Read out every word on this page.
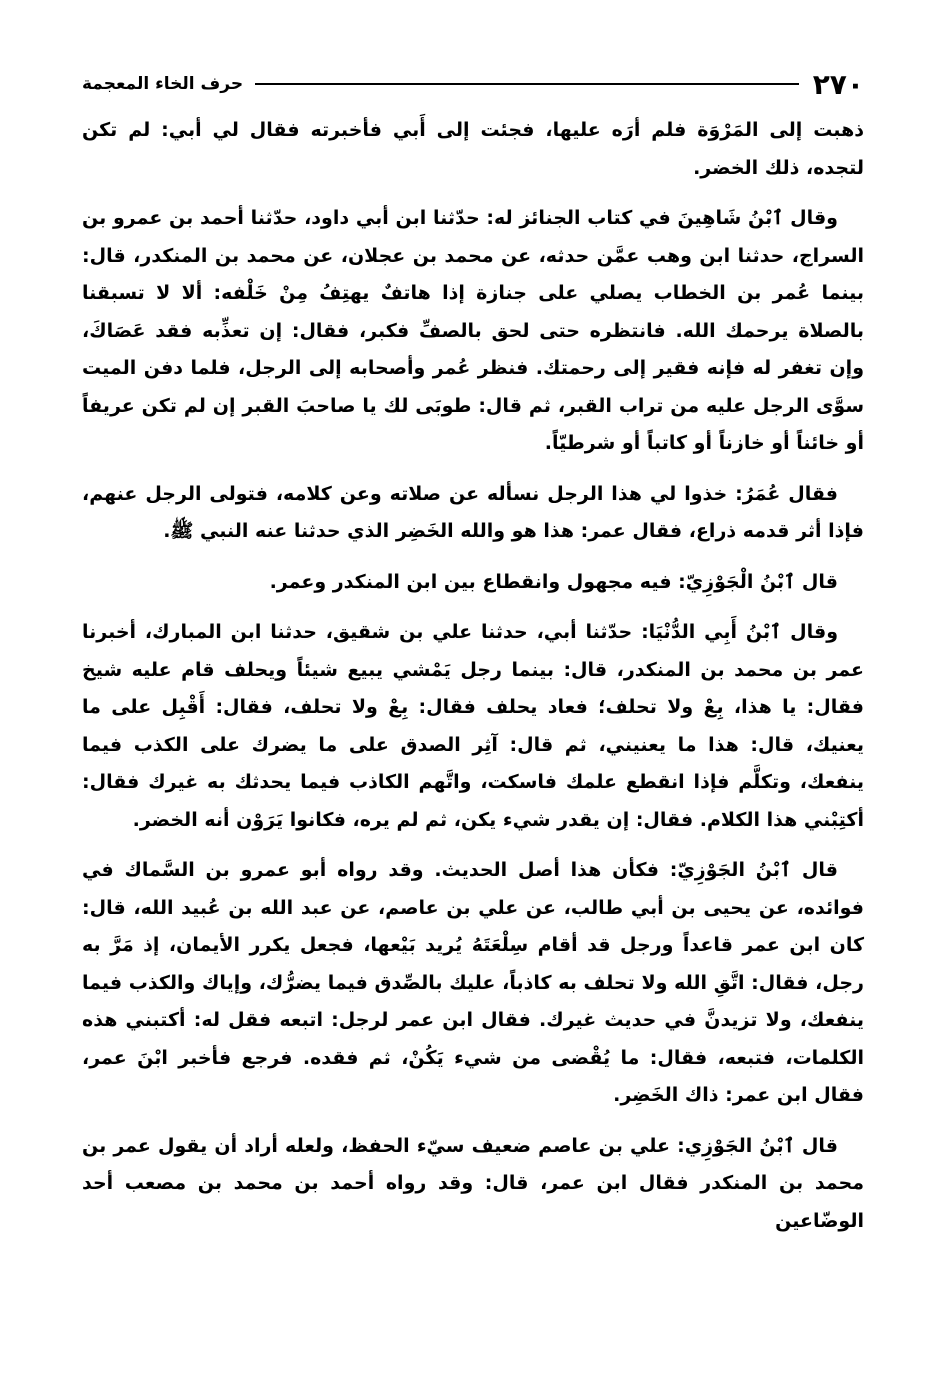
٢٧٠
حرف الخاء المعجمة

ذهبت إلى المَرْوَة فلم أرَه عليها، فجئت إلى أَبي فأخبرته فقال لي أبي: لم تكن لتجده، ذلك الخضر.

وقال ٱبْنُ شَاهِينَ في كتاب الجنائز له: حدّثنا ابن أبي داود، حدّثنا أحمد بن عمرو بن السراج، حدثنا ابن وهب عمَّن حدثه، عن محمد بن عجلان، عن محمد بن المنكدر، قال: بينما عُمر بن الخطاب يصلي على جنازة إذا هاتفٌ يهتِفُ مِنْ خَلْفه: ألا لا تسبقنا بالصلاة يرحمك الله. فانتظره حتى لحق بالصفِّ فكبر، فقال: إن تعذِّبه فقد عَصَاكَ، وإن تغفر له فإنه فقير إلى رحمتك. فنظر عُمر وأصحابه إلى الرجل، فلما دفن الميت سوَّى الرجل عليه من تراب القبر، ثم قال: طوبَى لك يا صاحبَ القبر إن لم تكن عريفاً أو خائناً أو خازناً أو كاتباً أو شرطيّاً.

فقال عُمَرُ: خذوا لي هذا الرجل نسأله عن صلاته وعن كلامه، فتولى الرجل عنهم، فإذا أثر قدمه ذراع، فقال عمر: هذا هو والله الخَضِر الذي حدثنا عنه النبي ﷺ.

قال ٱبْنُ الْجَوْزِيّ: فيه مجهول وانقطاع بين ابن المنكدر وعمر.

وقال ٱبْنُ أَبِي الدُّنْيَا: حدّثنا أبي، حدثنا علي بن شقيق، حدثنا ابن المبارك، أخبرنا عمر بن محمد بن المنكدر، قال: بينما رجل يَمْشي يبيع شيئاً ويحلف قام عليه شيخ فقال: يا هذا، بِعْ ولا تحلف؛ فعاد يحلف فقال: بِعْ ولا تحلف، فقال: أَقْبِل على ما يعنيك، قال: هذا ما يعنيني، ثم قال: آثِر الصدق على ما يضرك على الكذب فيما ينفعك، وتكلَّم فإذا انقطع علمك فاسكت، واتَّهم الكاذب فيما يحدثك به غيرك فقال: أكتِبْني هذا الكلام. فقال: إن يقدر شيء يكن، ثم لم يره، فكانوا يَرَوْن أنه الخضر.

قال ٱبْنُ الجَوْزِيّ: فكأن هذا أصل الحديث. وقد رواه أبو عمرو بن السَّماك في فوائده، عن يحيى بن أبي طالب، عن علي بن عاصم، عن عبد الله بن عُبيد الله، قال: كان ابن عمر قاعداً ورجل قد أقام سِلْعَتَهُ يُريد بَيْعها، فجعل يكرر الأيمان، إذ مَرَّ به رجل، فقال: اتَّقِ الله ولا تحلف به كاذباً، عليك بالصِّدق فيما يضرُّك، وإياك والكذب فيما ينفعك، ولا تزيدنَّ في حديث غيرك. فقال ابن عمر لرجل: اتبعه فقل له: أكتبني هذه الكلمات، فتبعه، فقال: ما يُقْضى من شيء يَكُنْ، ثم فقده. فرجع فأخبر ابْنَ عمر، فقال ابن عمر: ذاك الخَضِر.

قال ٱبْنُ الجَوْزِي: علي بن عاصم ضعيف سيّء الحفظ، ولعله أراد أن يقول عمر بن محمد بن المنكدر فقال ابن عمر، قال: وقد رواه أحمد بن محمد بن مصعب أحد الوضّاعين
